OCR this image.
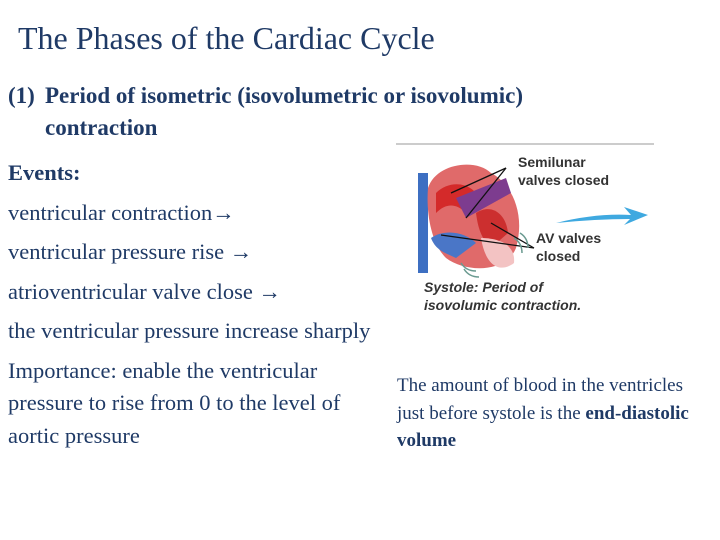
The Phases of the Cardiac Cycle
(1) Period of isometric (isovolumetric or isovolumic)
contraction

Events:

ventricular contraction→

ventricular pressure rise →

atrioventricular valve close →

the ventricular pressure increase sharply

Importance: enable the ventricular pressure to rise from 0 to the level of aortic pressure

Semilunar
valves closed
AV valves
closed
Systole: Period of
isovolumic contraction.
The amount of blood in the ventricles just before systole is the end-diastolic volume
